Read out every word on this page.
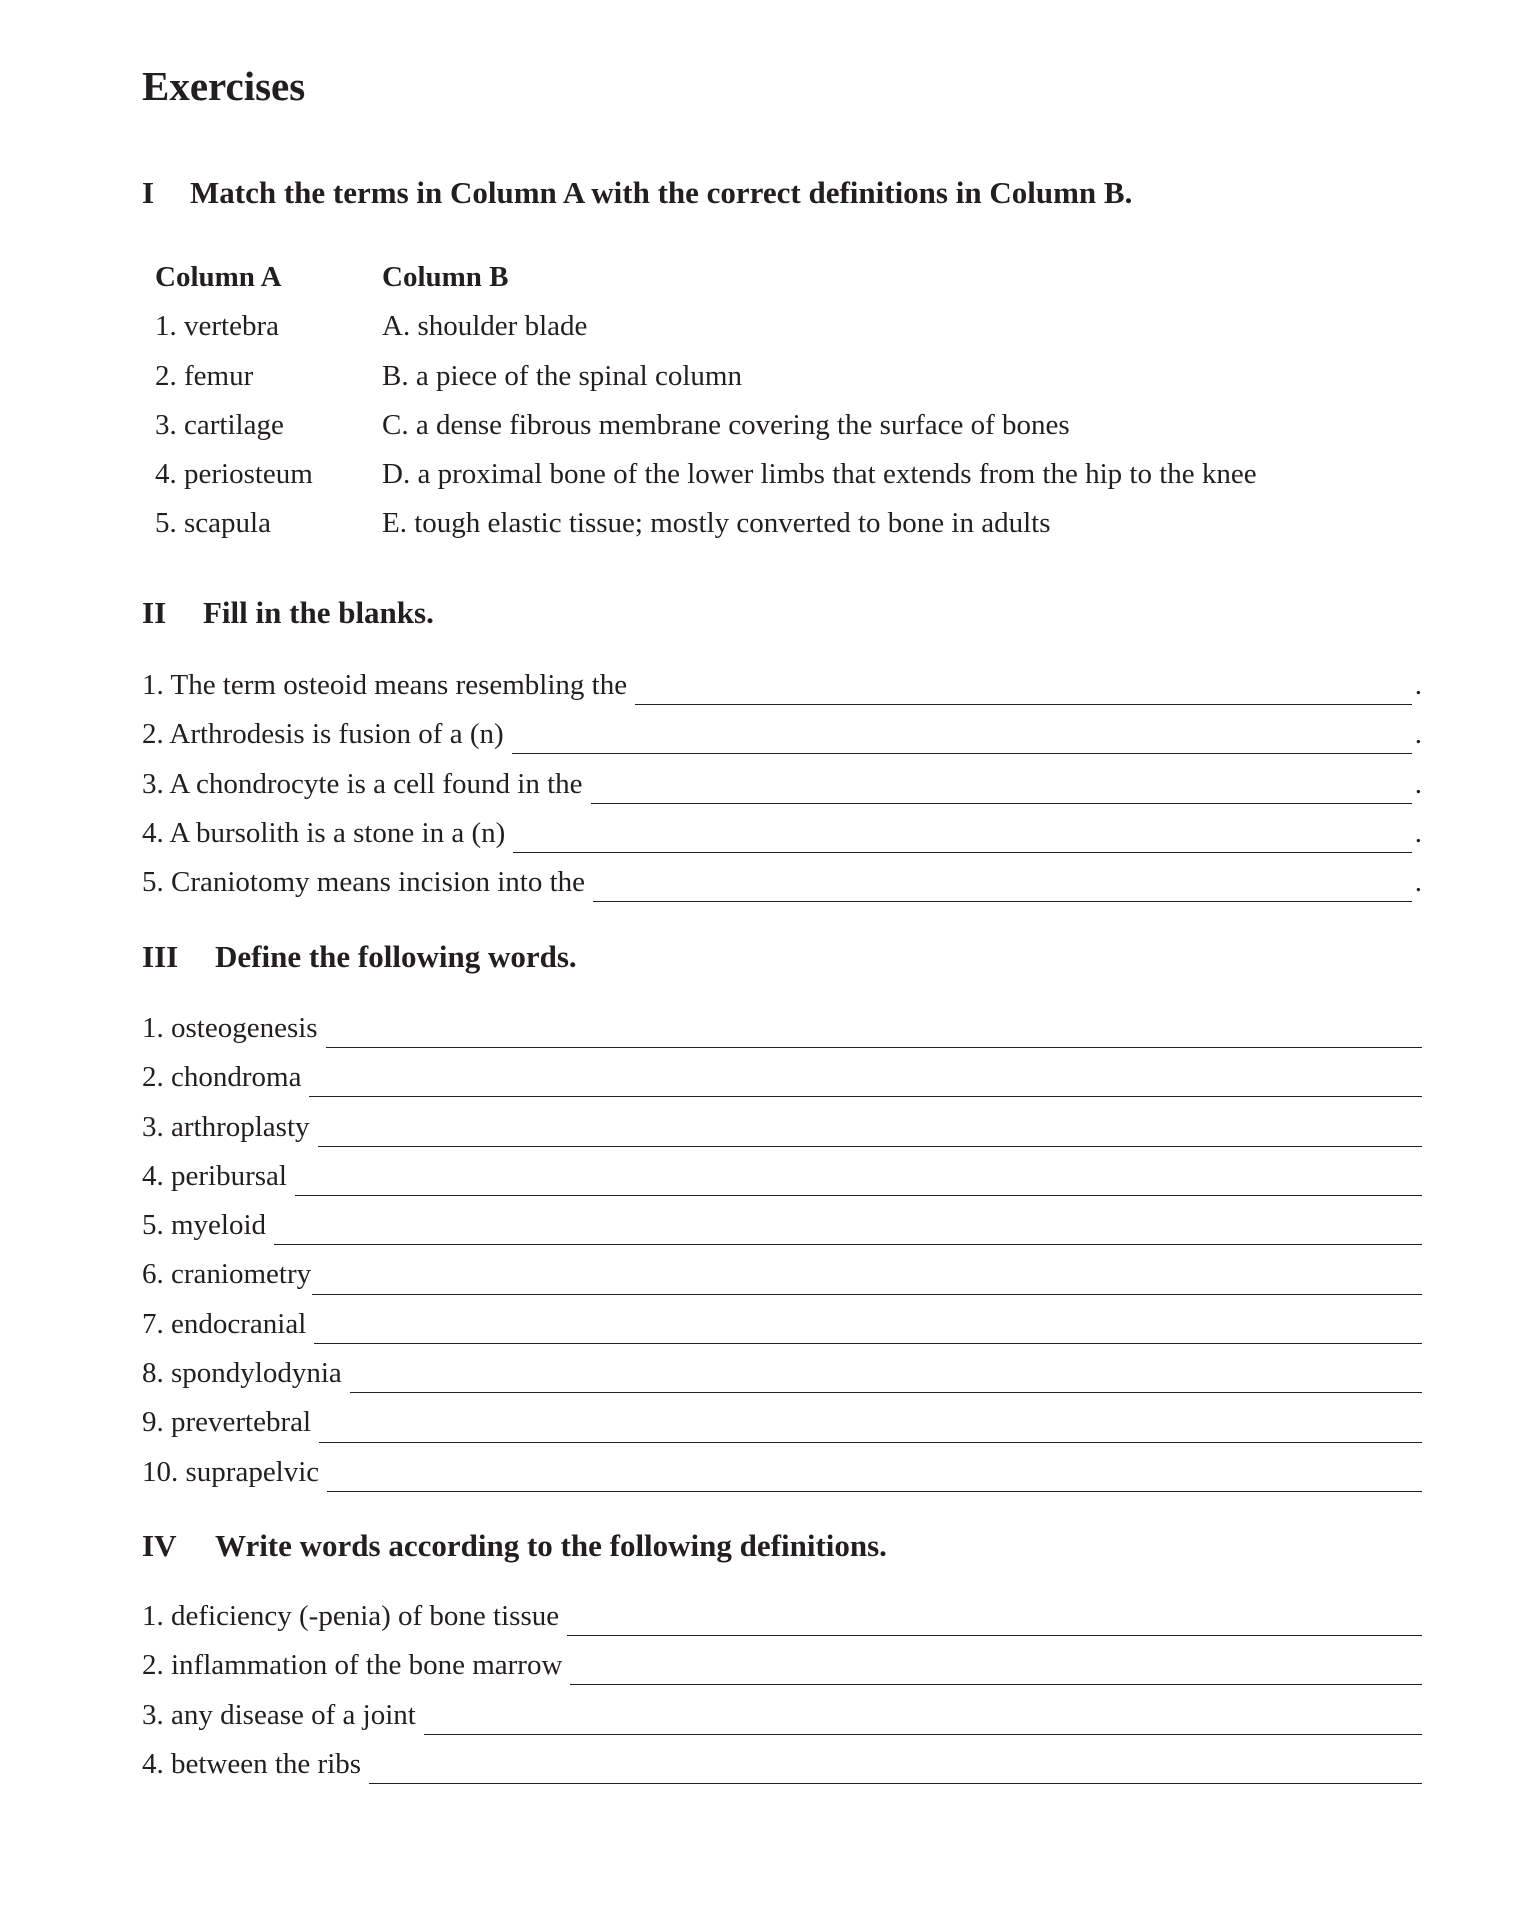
Exercises
I	Match the terms in Column A with the correct definitions in Column B.
Column A	Column B
1. vertebra	A. shoulder blade
2. femur	B. a piece of the spinal column
3. cartilage	C. a dense fibrous membrane covering the surface of bones
4. periosteum	D. a proximal bone of the lower limbs that extends from the hip to the knee
5. scapula	E. tough elastic tissue; mostly converted to bone in adults
II	Fill in the blanks.
1. The term osteoid means resembling the	.
2. Arthrodesis is fusion of a (n)	.
3. A chondrocyte is a cell found in the	.
4. A bursolith is a stone in a (n)	.
5. Craniotomy means incision into the	.
III	Define the following words.
1. osteogenesis
2. chondroma
3. arthroplasty
4. peribursal
5. myeloid
6. craniometry
7. endocranial
8. spondylodynia
9. prevertebral
10. suprapelvic
IV	Write words according to the following definitions.
1. deficiency (-penia) of bone tissue
2. inflammation of the bone marrow
3. any disease of a joint
4. between the ribs
